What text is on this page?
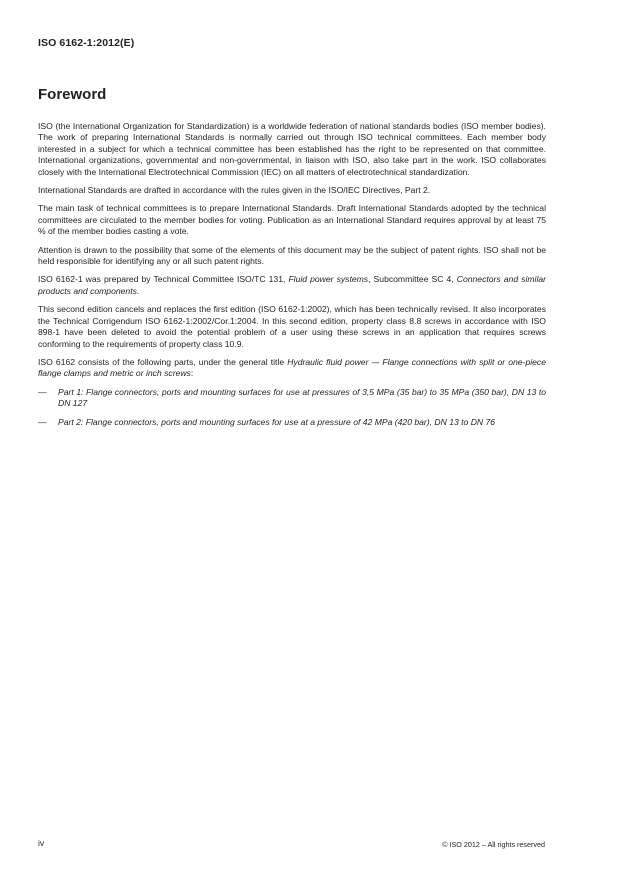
ISO 6162-1:2012(E)
Foreword

ISO (the International Organization for Standardization) is a worldwide federation of national standards bodies (ISO member bodies). The work of preparing International Standards is normally carried out through ISO technical committees. Each member body interested in a subject for which a technical committee has been established has the right to be represented on that committee. International organizations, governmental and non-governmental, in liaison with ISO, also take part in the work. ISO collaborates closely with the International Electrotechnical Commission (IEC) on all matters of electrotechnical standardization.

International Standards are drafted in accordance with the rules given in the ISO/IEC Directives, Part 2.

The main task of technical committees is to prepare International Standards. Draft International Standards adopted by the technical committees are circulated to the member bodies for voting. Publication as an International Standard requires approval by at least 75 % of the member bodies casting a vote.

Attention is drawn to the possibility that some of the elements of this document may be the subject of patent rights. ISO shall not be held responsible for identifying any or all such patent rights.

ISO 6162-1 was prepared by Technical Committee ISO/TC 131, Fluid power systems, Subcommittee SC 4, Connectors and similar products and components.

This second edition cancels and replaces the first edition (ISO 6162-1:2002), which has been technically revised. It also incorporates the Technical Corrigendum ISO 6162-1:2002/Cor.1:2004. In this second edition, property class 8.8 screws in accordance with ISO 898-1 have been deleted to avoid the potential problem of a user using these screws in an application that requires screws conforming to the requirements of property class 10.9.

ISO 6162 consists of the following parts, under the general title Hydraulic fluid power -– Flange connections with split or one-piece flange clamps and metric or inch screws:

—	Part 1: Flange connectors, ports and mounting surfaces for use at pressures of 3,5 MPa (35 bar) to 35 MPa (350 bar), DN 13 to DN 127
—	Part 2: Flange connectors, ports and mounting surfaces for use at a pressure of 42 MPa (420 bar), DN 13 to DN 76
iv	© ISO 2012 – All rights reserved
